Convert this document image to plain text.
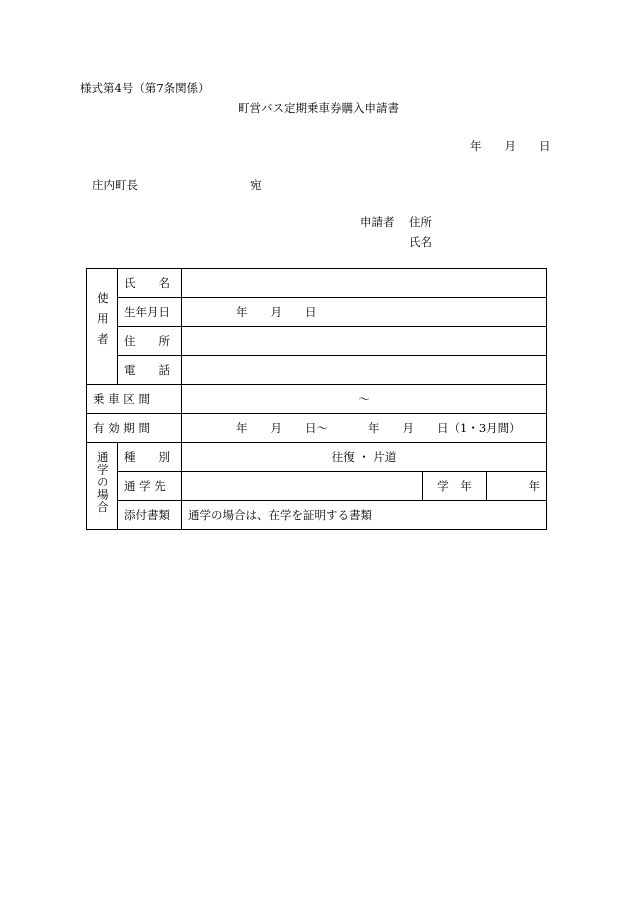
様式第4号（第7条関係）
町営バス定期乗車券購入申請書
年　　月　　日
庄内町長	宛
申請者 住所
氏名
使用者	氏　　名			
	生年月日	年　　月　　日		
	住　　所			
	電　　話			
乗 車 区 間		～		
有 効 期 間		年　　月　　日～ 年　　月　　日（1・3月間）		
通学の場合	種　　別	往復 ・ 片道		
	通 学 先		学　年	年
	添付書類	通学の場合は、在学を証明する書類		
